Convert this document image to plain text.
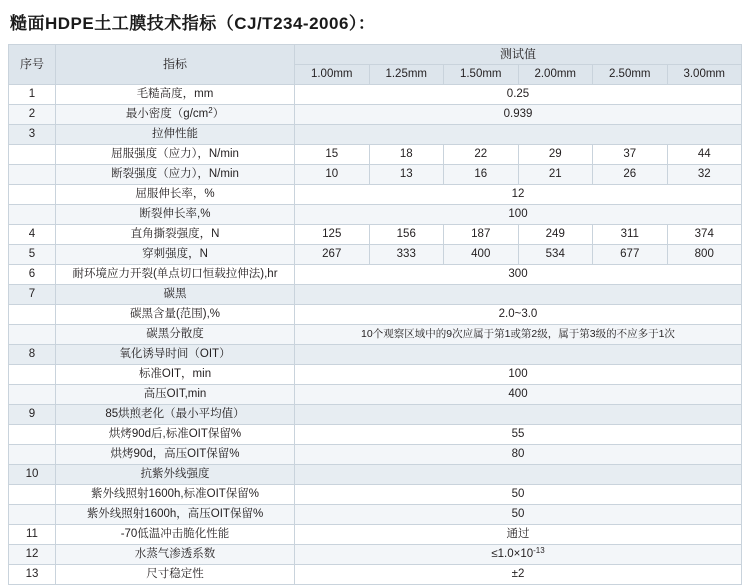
糙面HDPE土工膜技术指标（CJ/T234-2006）：
序号	指标	测试值					
		1.00mm	1.25mm	1.50mm	2.00mm	2.50mm	3.00mm
1	毛糙高度，mm	0.25					
2	最小密度$(g/cm^2)$	0.939					
3	拉伸性能						
	屈服强度（应力），N/min	15	18	22	29	37	44
	断裂强度（应力），N/min	10	13	16	21	26	32
	屈服伸长率，%	12					
	断裂伸长率,%	100					
4	直角撕裂强度，N	125	156	187	249	311	374
5	穿刺强度，N	267	333	400	534	677	800
6	耐环境应力开裂(单点切口恒载拉伸法),hr	300					
7	碳黑						
	碳黑含量(范围),%	2.0~3.0					
	碳黑分散度	10个观察区域中的9次应属于第1或第2级，属于第3级的不应多于1次					
8	氧化诱导时间（OIT）						
	标准OIT，min	100					
	高压OIT,min	400					
9	85烘煎老化（最小平均值）						
	烘烤90d后,标准OIT保留%	55					
	烘烤90d，高压OIT保留%	80					
10	抗紫外线强度						
	紫外线照射1600h,标准OIT保留%	50					
	紫外线照射1600h，高压OIT保留%	50					
11	-70低温冲击脆化性能	通过					
12	水蒸气渗透系数	$\le 1.0\times 10^{-13}$
13	尺寸稳定性	±2					
